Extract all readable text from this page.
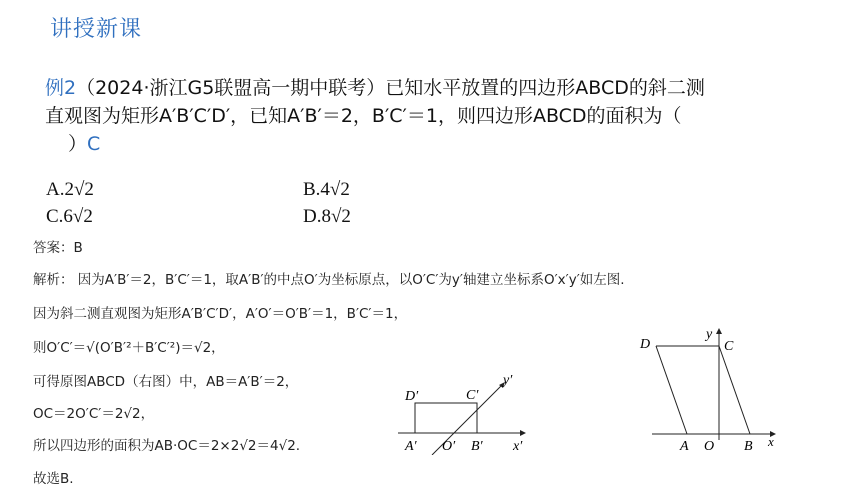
讲授新课
例2（2024·浙江G5联盟高一期中联考）已知水平放置的四边形ABCD的斜二测
直观图为矩形A′B′C′D′，已知A′B′＝2，B′C′＝1，则四边形ABCD的面积为（
）C
A.2√2	B.4√2
C.6√2	D.8√2
答案：B
解析： 因为A′B′＝2，B′C′＝1，取A′B′的中点O′为坐标原点，以O′C′为y′轴建立坐标系O′x′y′如左图.
因为斜二测直观图为矩形A′B′C′D′，A′O′＝O′B′＝1，B′C′＝1，
则O′C′＝√(O′B′²＋B′C′²)＝√2，
可得原图ABCD（右图）中，AB＝A′B′＝2，
OC＝2O′C′＝2√2，
所以四边形的面积为AB·OC＝2×2√2＝4√2.
故选B.
D′	C′
y′
A′ O′ B′ x′
D
y
C
A O B x
